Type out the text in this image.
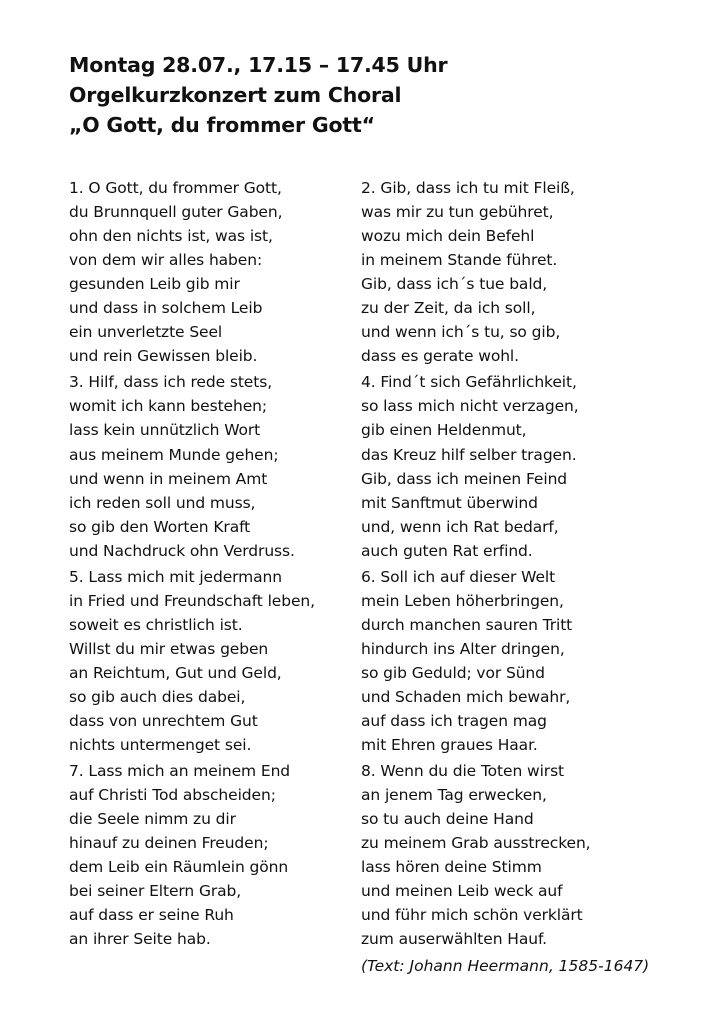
Montag 28.07., 17.15 – 17.45 Uhr
Orgelkurzkonzert zum Choral
„O Gott, du frommer Gott“
1. O Gott, du frommer Gott,
du Brunnquell guter Gaben,
ohn den nichts ist, was ist,
von dem wir alles haben:
gesunden Leib gib mir
und dass in solchem Leib
ein unverletzte Seel
und rein Gewissen bleib.
3. Hilf, dass ich rede stets,
womit ich kann bestehen;
lass kein unnützlich Wort
aus meinem Munde gehen;
und wenn in meinem Amt
ich reden soll und muss,
so gib den Worten Kraft
und Nachdruck ohn Verdruss.
5. Lass mich mit jedermann
in Fried und Freundschaft leben,
soweit es christlich ist.
Willst du mir etwas geben
an Reichtum, Gut und Geld,
so gib auch dies dabei,
dass von unrechtem Gut
nichts untermenget sei.
7. Lass mich an meinem End
auf Christi Tod abscheiden;
die Seele nimm zu dir
hinauf zu deinen Freuden;
dem Leib ein Räumlein gönn
bei seiner Eltern Grab,
auf dass er seine Ruh
an ihrer Seite hab.
2. Gib, dass ich tu mit Fleiß,
was mir zu tun gebühret,
wozu mich dein Befehl
in meinem Stande führet.
Gib, dass ich´s tue bald,
zu der Zeit, da ich soll,
und wenn ich´s tu, so gib,
dass es gerate wohl.
4. Find´t sich Gefährlichkeit,
so lass mich nicht verzagen,
gib einen Heldenmut,
das Kreuz hilf selber tragen.
Gib, dass ich meinen Feind
mit Sanftmut überwind
und, wenn ich Rat bedarf,
auch guten Rat erfind.
6. Soll ich auf dieser Welt
mein Leben höherbringen,
durch manchen sauren Tritt
hindurch ins Alter dringen,
so gib Geduld; vor Sünd
und Schaden mich bewahr,
auf dass ich tragen mag
mit Ehren graues Haar.
8. Wenn du die Toten wirst
an jenem Tag erwecken,
so tu auch deine Hand
zu meinem Grab ausstrecken,
lass hören deine Stimm
und meinen Leib weck auf
und führ mich schön verklärt
zum auserwählten Hauf.
(Text: Johann Heermann, 1585-1647)
